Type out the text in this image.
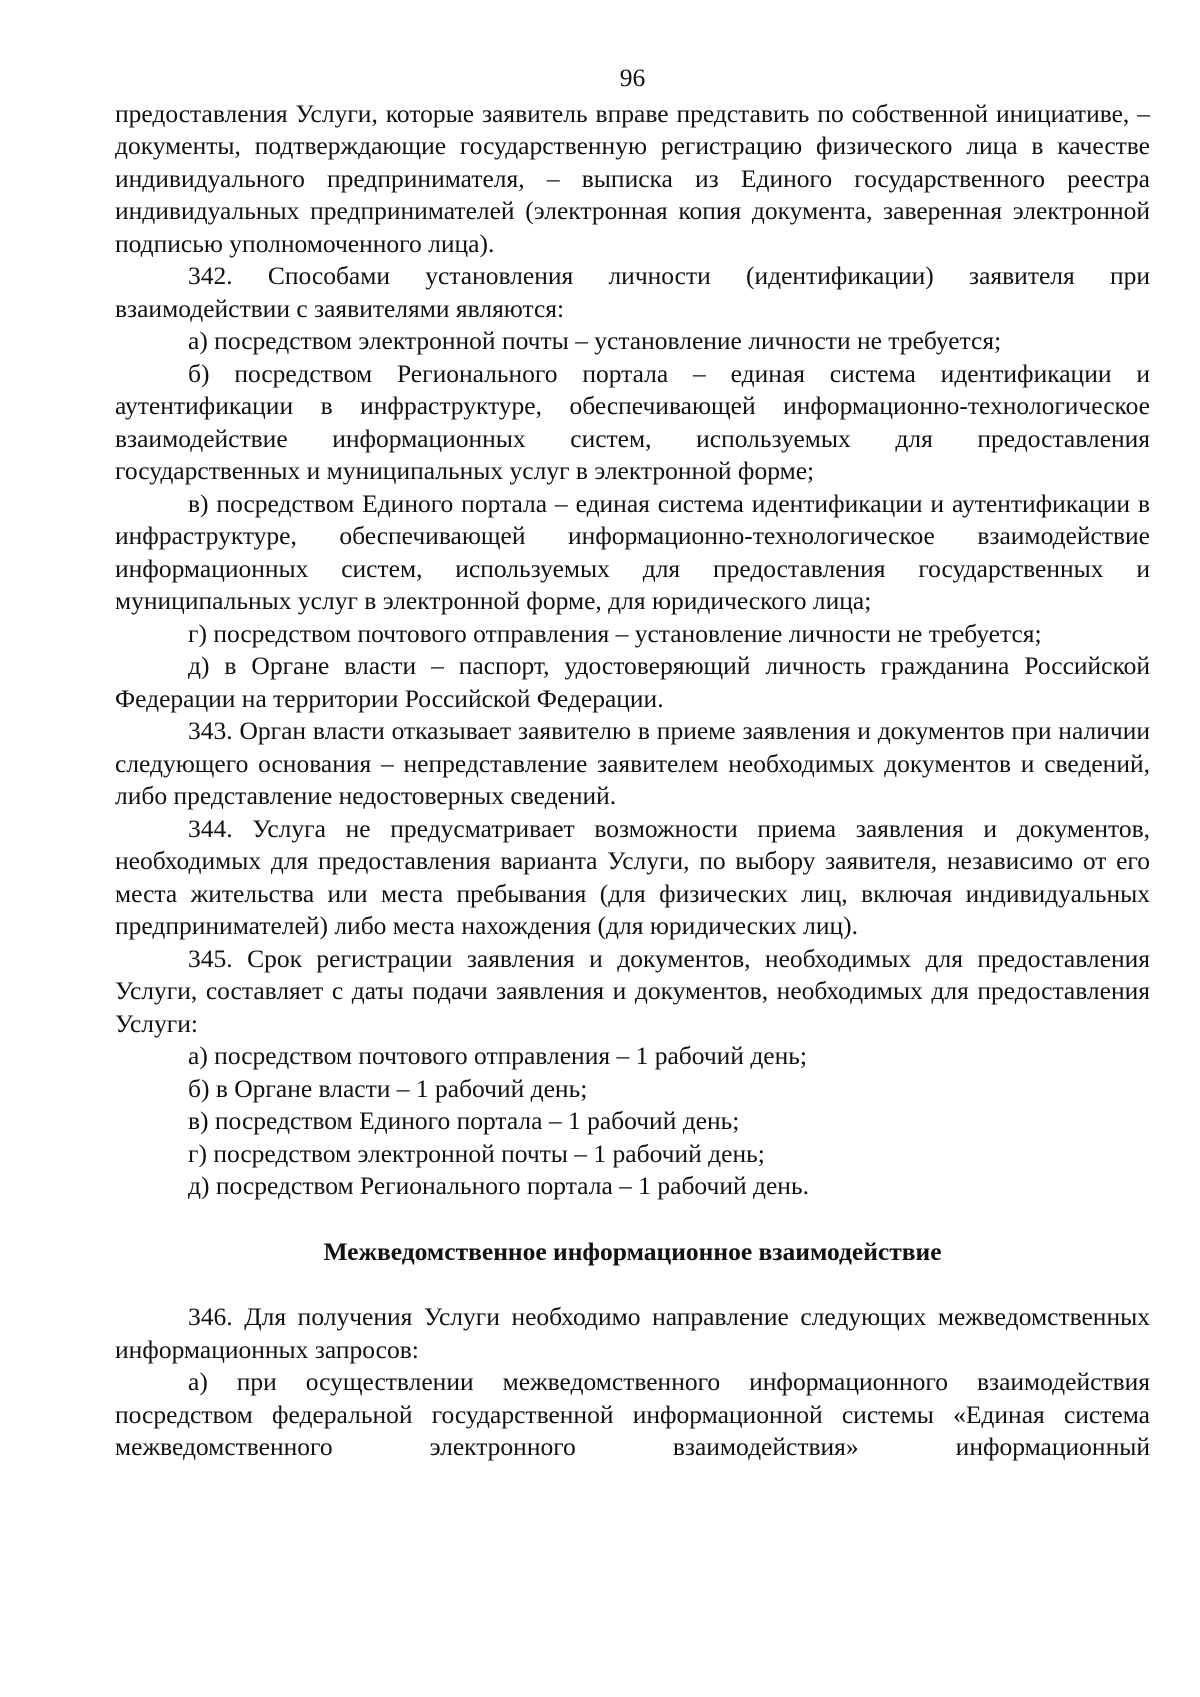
96

предоставления Услуги, которые заявитель вправе представить по собственной инициативе, – документы, подтверждающие государственную регистрацию физического лица в качестве индивидуального предпринимателя, – выписка из Единого государственного реестра индивидуальных предпринимателей (электронная копия документа, заверенная электронной подписью уполномоченного лица).

342. Способами установления личности (идентификации) заявителя при взаимодействии с заявителями являются:

а) посредством электронной почты – установление личности не требуется;

б) посредством Регионального портала – единая система идентификации и аутентификации в инфраструктуре, обеспечивающей информационно-технологическое взаимодействие информационных систем, используемых для предоставления государственных и муниципальных услуг в электронной форме;

в) посредством Единого портала – единая система идентификации и аутентификации в инфраструктуре, обеспечивающей информационно-технологическое взаимодействие информационных систем, используемых для предоставления государственных и муниципальных услуг в электронной форме, для юридического лица;

г) посредством почтового отправления – установление личности не требуется;

д) в Органе власти – паспорт, удостоверяющий личность гражданина Российской Федерации на территории Российской Федерации.

343. Орган власти отказывает заявителю в приеме заявления и документов при наличии следующего основания – непредставление заявителем необходимых документов и сведений, либо представление недостоверных сведений.

344. Услуга не предусматривает возможности приема заявления и документов, необходимых для предоставления варианта Услуги, по выбору заявителя, независимо от его места жительства или места пребывания (для физических лиц, включая индивидуальных предпринимателей) либо места нахождения (для юридических лиц).

345. Срок регистрации заявления и документов, необходимых для предоставления Услуги, составляет с даты подачи заявления и документов, необходимых для предоставления Услуги:

а) посредством почтового отправления – 1 рабочий день;

б) в Органе власти – 1 рабочий день;

в) посредством Единого портала – 1 рабочий день;

г) посредством электронной почты – 1 рабочий день;

д) посредством Регионального портала – 1 рабочий день.

Межведомственное информационное взаимодействие

346. Для получения Услуги необходимо направление следующих межведомственных информационных запросов:

а) при осуществлении межведомственного информационного взаимодействия посредством федеральной государственной информационной системы «Единая система межведомственного электронного взаимодействия» информационный
